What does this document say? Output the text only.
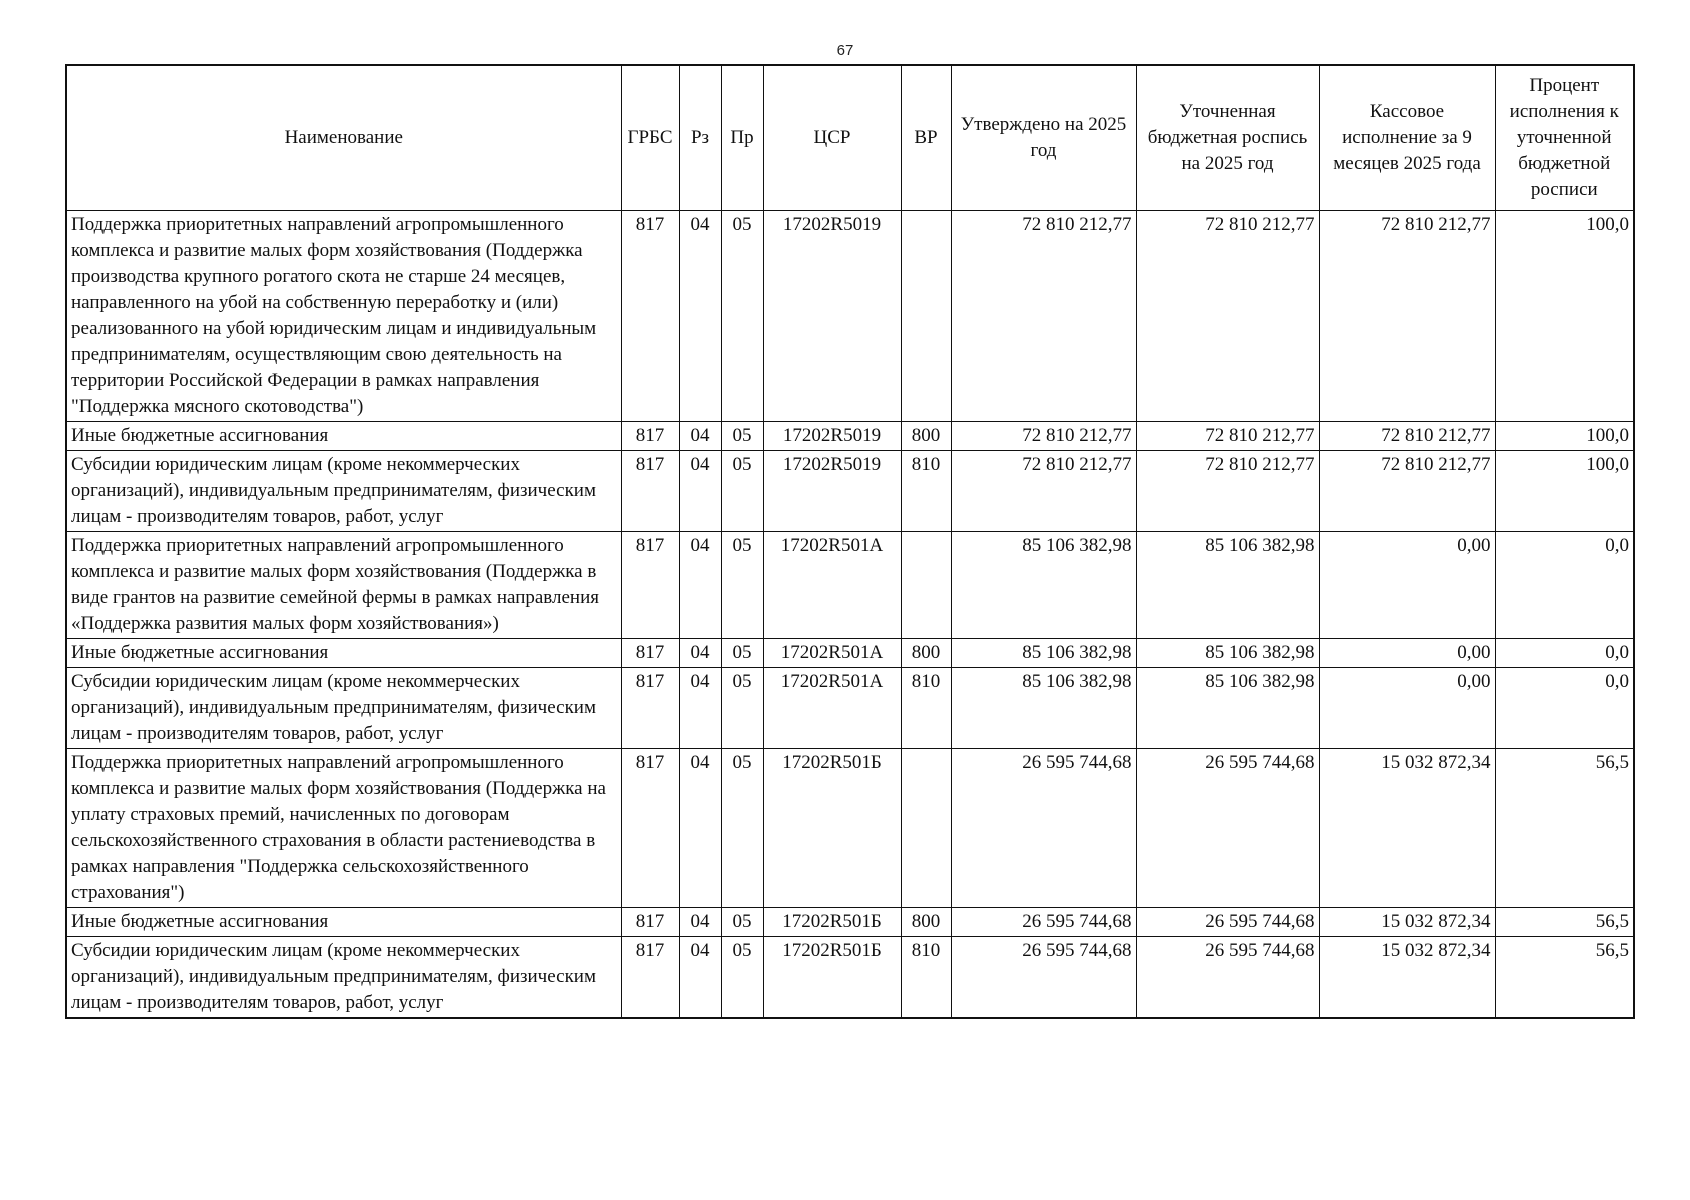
67
Наименование	ГРБС	Рз	Пр	ЦСР	ВР	Утверждено на 2025 год	Уточненная бюджетная роспись на 2025 год	Кассовое исполнение за 9 месяцев 2025 года	Процент исполнения к уточненной бюджетной росписи
Поддержка приоритетных направлений агропромышленного комплекса и развитие малых форм хозяйствования (Поддержка производства крупного рогатого скота не старше 24 месяцев, направленного на убой на собственную переработку и (или) реализованного на убой юридическим лицам и индивидуальным предпринимателям, осуществляющим свою деятельность на территории Российской Федерации в рамках направления "Поддержка мясного скотоводства")	817	04	05	17202R5019		72 810 212,77	72 810 212,77	72 810 212,77	100,0
Иные бюджетные ассигнования	817	04	05	17202R5019	800	72 810 212,77	72 810 212,77	72 810 212,77	100,0
Субсидии юридическим лицам (кроме некоммерческих организаций), индивидуальным предпринимателям, физическим лицам - производителям товаров, работ, услуг	817	04	05	17202R5019	810	72 810 212,77	72 810 212,77	72 810 212,77	100,0
Поддержка приоритетных направлений агропромышленного комплекса и развитие малых форм хозяйствования (Поддержка в виде грантов на развитие семейной фермы в рамках направления «Поддержка развития малых форм хозяйствования»)	817	04	05	17202R501А		85 106 382,98	85 106 382,98	0,00	0,0
Иные бюджетные ассигнования	817	04	05	17202R501А	800	85 106 382,98	85 106 382,98	0,00	0,0
Субсидии юридическим лицам (кроме некоммерческих организаций), индивидуальным предпринимателям, физическим лицам - производителям товаров, работ, услуг	817	04	05	17202R501А	810	85 106 382,98	85 106 382,98	0,00	0,0
Поддержка приоритетных направлений агропромышленного комплекса и развитие малых форм хозяйствования (Поддержка на уплату страховых премий, начисленных по договорам сельскохозяйственного страхования в области растениеводства в рамках направления "Поддержка сельскохозяйственного страхования")	817	04	05	17202R501Б		26 595 744,68	26 595 744,68	15 032 872,34	56,5
Иные бюджетные ассигнования	817	04	05	17202R501Б	800	26 595 744,68	26 595 744,68	15 032 872,34	56,5
Субсидии юридическим лицам (кроме некоммерческих организаций), индивидуальным предпринимателям, физическим лицам - производителям товаров, работ, услуг	817	04	05	17202R501Б	810	26 595 744,68	26 595 744,68	15 032 872,34	56,5
